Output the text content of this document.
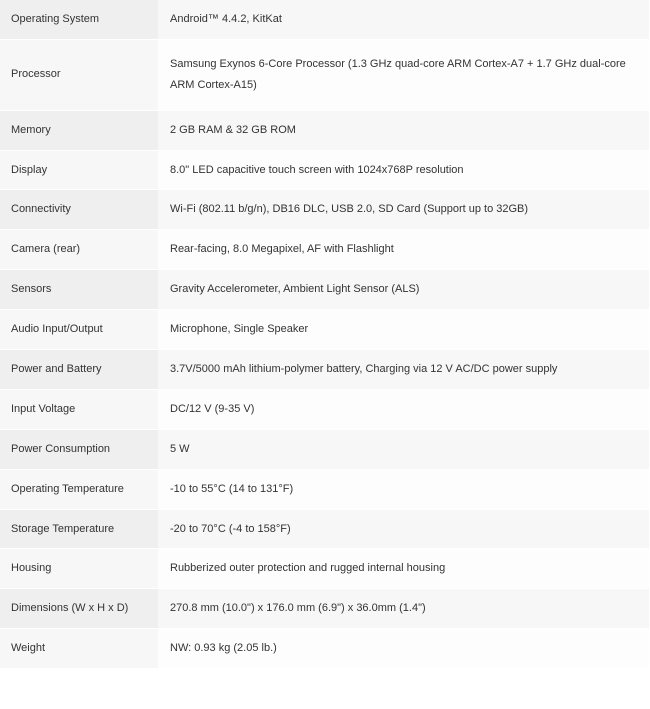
Operating System	Android™ 4.4.2, KitKat
Processor	Samsung Exynos 6-Core Processor (1.3 GHz quad-core ARM Cortex-A7 + 1.7 GHz dual-core ARM Cortex-A15)
Memory	2 GB RAM & 32 GB ROM
Display	8.0" LED capacitive touch screen with 1024x768P resolution
Connectivity	Wi-Fi (802.11 b/g/n), DB16 DLC, USB 2.0, SD Card (Support up to 32GB)
Camera (rear)	Rear-facing, 8.0 Megapixel, AF with Flashlight
Sensors	Gravity Accelerometer, Ambient Light Sensor (ALS)
Audio Input/Output	Microphone, Single Speaker
Power and Battery	3.7V/5000 mAh lithium-polymer battery, Charging via 12 V AC/DC power supply
Input Voltage	DC/12 V (9-35 V)
Power Consumption	5 W
Operating Temperature	-10 to 55°C (14 to 131°F)
Storage Temperature	-20 to 70°C (-4 to 158°F)
Housing	Rubberized outer protection and rugged internal housing
Dimensions (W x H x D)	270.8 mm (10.0") x 176.0 mm (6.9") x 36.0mm (1.4")
Weight	NW: 0.93 kg (2.05 lb.)
